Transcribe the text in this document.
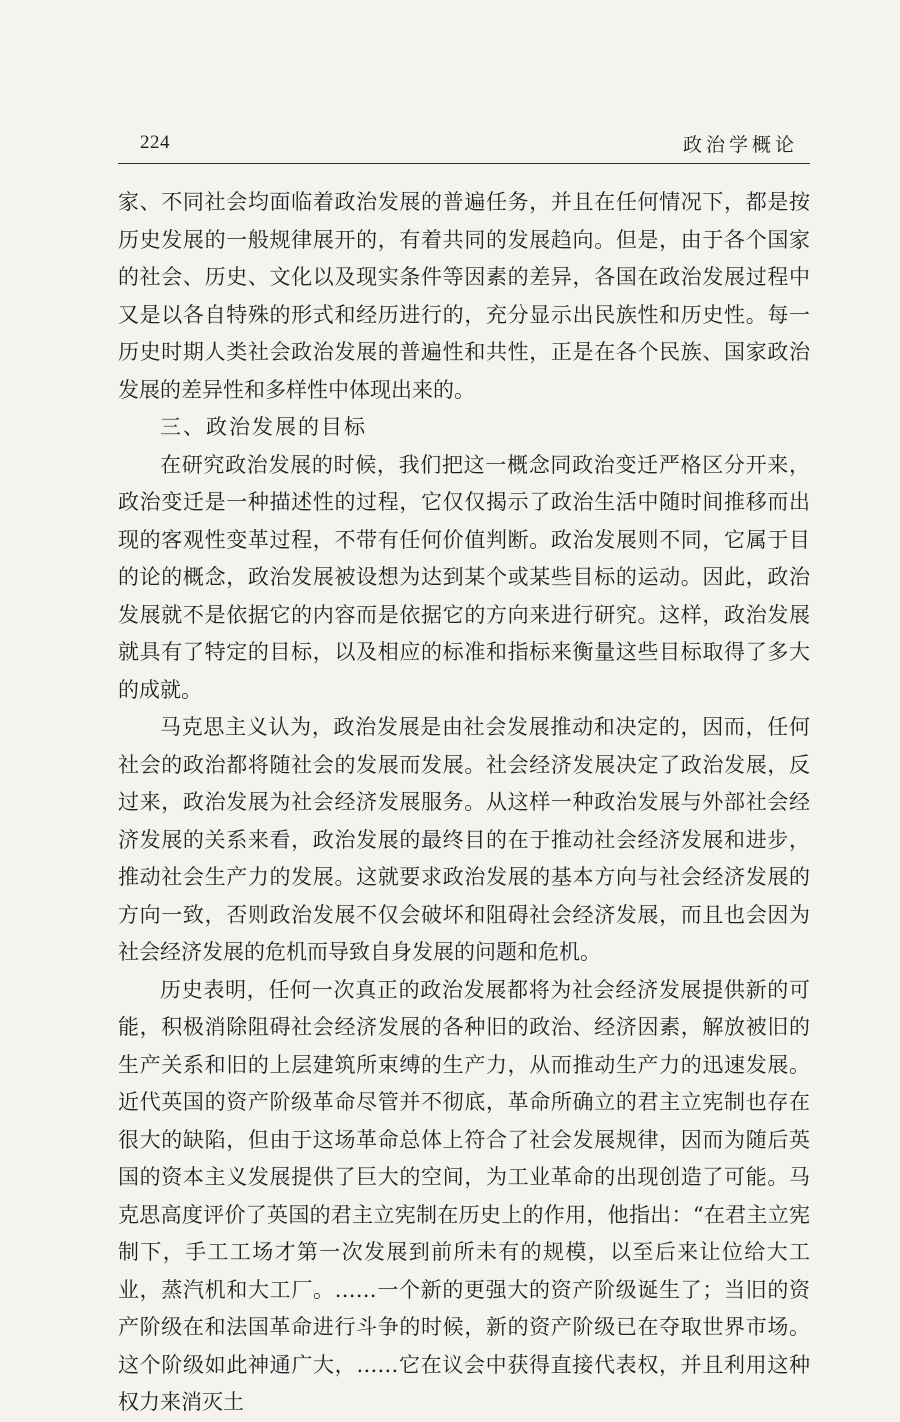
224	政治学概论

家、不同社会均面临着政治发展的普遍任务，并且在任何情况下，都是按历史发展的一般规律展开的，有着共同的发展趋向。但是，由于各个国家的社会、历史、文化以及现实条件等因素的差异，各国在政治发展过程中又是以各自特殊的形式和经历进行的，充分显示出民族性和历史性。每一历史时期人类社会政治发展的普遍性和共性，正是在各个民族、国家政治发展的差异性和多样性中体现出来的。

三、政治发展的目标

在研究政治发展的时候，我们把这一概念同政治变迁严格区分开来，政治变迁是一种描述性的过程，它仅仅揭示了政治生活中随时间推移而出现的客观性变革过程，不带有任何价值判断。政治发展则不同，它属于目的论的概念，政治发展被设想为达到某个或某些目标的运动。因此，政治发展就不是依据它的内容而是依据它的方向来进行研究。这样，政治发展就具有了特定的目标，以及相应的标准和指标来衡量这些目标取得了多大的成就。

马克思主义认为，政治发展是由社会发展推动和决定的，因而，任何社会的政治都将随社会的发展而发展。社会经济发展决定了政治发展，反过来，政治发展为社会经济发展服务。从这样一种政治发展与外部社会经济发展的关系来看，政治发展的最终目的在于推动社会经济发展和进步，推动社会生产力的发展。这就要求政治发展的基本方向与社会经济发展的方向一致，否则政治发展不仅会破坏和阻碍社会经济发展，而且也会因为社会经济发展的危机而导致自身发展的问题和危机。

历史表明，任何一次真正的政治发展都将为社会经济发展提供新的可能，积极消除阻碍社会经济发展的各种旧的政治、经济因素，解放被旧的生产关系和旧的上层建筑所束缚的生产力，从而推动生产力的迅速发展。近代英国的资产阶级革命尽管并不彻底，革命所确立的君主立宪制也存在很大的缺陷，但由于这场革命总体上符合了社会发展规律，因而为随后英国的资本主义发展提供了巨大的空间，为工业革命的出现创造了可能。马克思高度评价了英国的君主立宪制在历史上的作用，他指出：“在君主立宪制下，手工工场才第一次发展到前所未有的规模，以至后来让位给大工业，蒸汽机和大工厂。……一个新的更强大的资产阶级诞生了；当旧的资产阶级在和法国革命进行斗争的时候，新的资产阶级已在夺取世界市场。这个阶级如此神通广大，……它在议会中获得直接代表权，并且利用这种权力来消灭土
